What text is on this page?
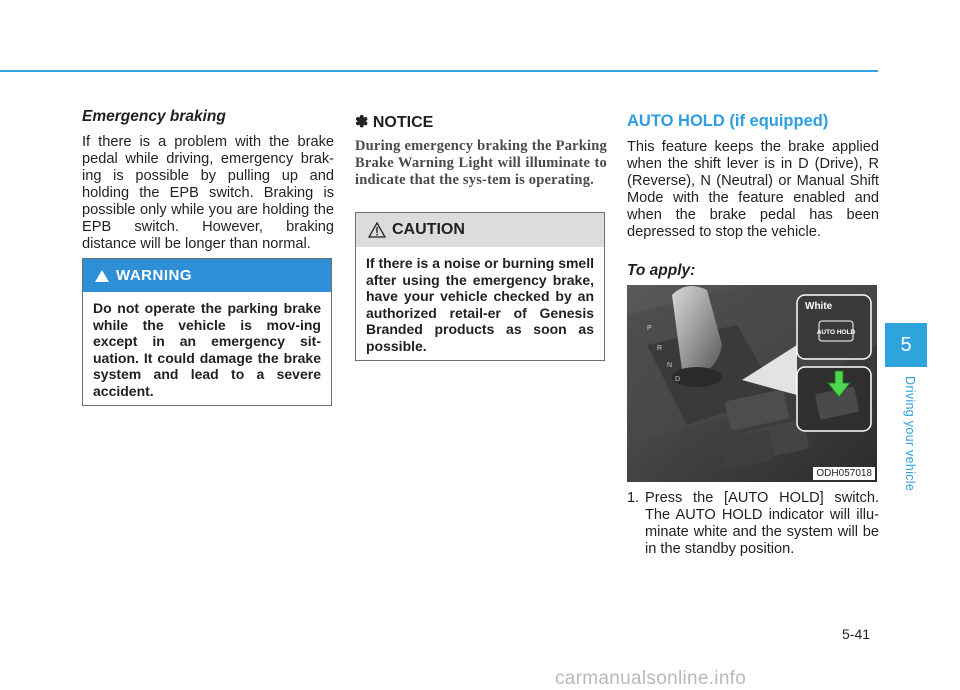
Emergency braking

If there is a problem with the brake pedal while driving, emergency brak-ing is possible by pulling up and holding the EPB switch. Braking is possible only while you are holding the EPB switch. However, braking distance will be longer than normal.

WARNING

Do not operate the parking brake while the vehicle is mov-ing except in an emergency sit-uation. It could damage the brake system and lead to a severe accident.

✽ NOTICE

During emergency braking the Parking Brake Warning Light will illuminate to indicate that the sys-tem is operating.

CAUTION

If there is a noise or burning smell after using the emergency brake, have your vehicle checked by an authorized retail-er of Genesis Branded products as soon as possible.

AUTO HOLD (if equipped)

This feature keeps the brake applied when the shift lever is in D (Drive), R (Reverse), N (Neutral) or Manual Shift Mode with the feature enabled and when the brake pedal has been depressed to stop the vehicle.

To apply:

P
R
N
D
White
AUTO HOLD
ODH057018
1. Press the [AUTO HOLD] switch. The AUTO HOLD indicator will illu-minate white and the system will be in the standby position.
5
Driving your vehicle
5-41
carmanualsonline.info
